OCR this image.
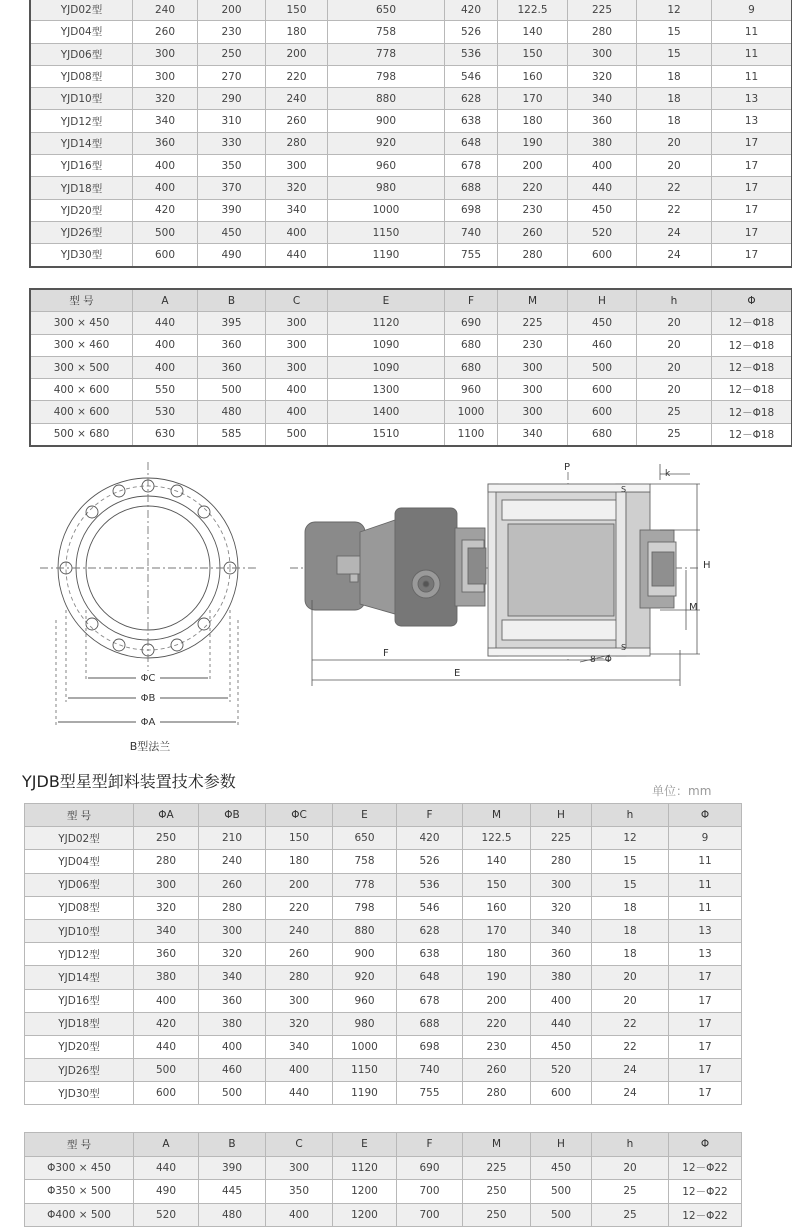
YJD02型	240	200	150	650	420	122.5	225	12	9
YJD04型	260	230	180	758	526	140	280	15	11
YJD06型	300	250	200	778	536	150	300	15	11
YJD08型	300	270	220	798	546	160	320	18	11
YJD10型	320	290	240	880	628	170	340	18	13
YJD12型	340	310	260	900	638	180	360	18	13
YJD14型	360	330	280	920	648	190	380	20	17
YJD16型	400	350	300	960	678	200	400	20	17
YJD18型	400	370	320	980	688	220	440	22	17
YJD20型	420	390	340	1000	698	230	450	22	17
YJD26型	500	450	400	1150	740	260	520	24	17
YJD30型	600	490	440	1190	755	280	600	24	17
型 号	A	B	C	E	F	M	H	h	Φ
300 × 450	440	395	300	1120	690	225	450	20	12－Φ18
300 × 460	400	360	300	1090	680	230	460	20	12－Φ18
300 × 500	400	360	300	1090	680	300	500	20	12－Φ18
400 × 600	550	500	400	1300	960	300	600	20	12－Φ18
400 × 600	530	480	400	1400	1000	300	600	25	12－Φ18
500 × 680	630	585	500	1510	1100	340	680	25	12－Φ18
ΦC
ΦB
ΦA
B型法兰
P
k
H
M
F
E
8－Φ
S
S
YJDB型星型卸料装置技术参数	单位：mm
型 号	ΦA	ΦB	ΦC	E	F	M	H	h	Φ
YJD02型	250	210	150	650	420	122.5	225	12	9
YJD04型	280	240	180	758	526	140	280	15	11
YJD06型	300	260	200	778	536	150	300	15	11
YJD08型	320	280	220	798	546	160	320	18	11
YJD10型	340	300	240	880	628	170	340	18	13
YJD12型	360	320	260	900	638	180	360	18	13
YJD14型	380	340	280	920	648	190	380	20	17
YJD16型	400	360	300	960	678	200	400	20	17
YJD18型	420	380	320	980	688	220	440	22	17
YJD20型	440	400	340	1000	698	230	450	22	17
YJD26型	500	460	400	1150	740	260	520	24	17
YJD30型	600	500	440	1190	755	280	600	24	17
型 号	A	B	C	E	F	M	H	h	Φ
Φ300 × 450	440	390	300	1120	690	225	450	20	12－Φ22
Φ350 × 500	490	445	350	1200	700	250	500	25	12－Φ22
Φ400 × 500	520	480	400	1200	700	250	500	25	12－Φ22
